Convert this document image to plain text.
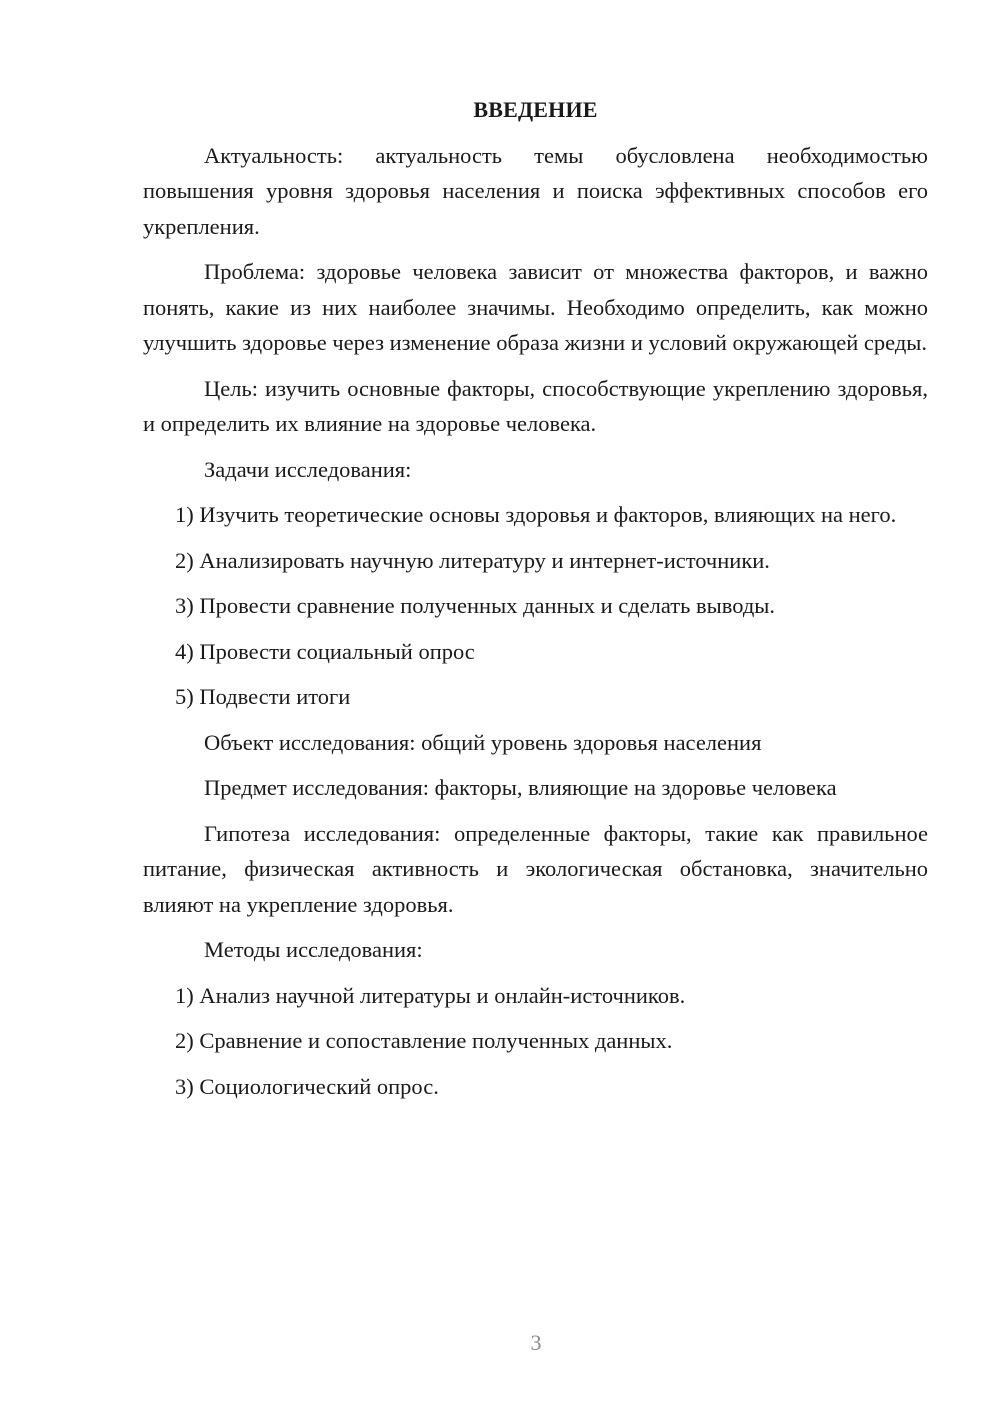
ВВЕДЕНИЕ
Актуальность: актуальность темы обусловлена необходимостью повышения уровня здоровья населения и поиска эффективных способов его укрепления.
Проблема: здоровье человека зависит от множества факторов, и важно понять, какие из них наиболее значимы. Необходимо определить, как можно улучшить здоровье через изменение образа жизни и условий окружающей среды.
Цель: изучить основные факторы, способствующие укреплению здоровья, и определить их влияние на здоровье человека.
Задачи исследования:
1) Изучить теоретические основы здоровья и факторов, влияющих на него.
2) Анализировать научную литературу и интернет-источники.
3) Провести сравнение полученных данных и сделать выводы.
4) Провести социальный опрос
5) Подвести итоги
Объект исследования: общий уровень здоровья населения
Предмет исследования: факторы, влияющие на здоровье человека
Гипотеза исследования: определенные факторы, такие как правильное питание, физическая активность и экологическая обстановка, значительно влияют на укрепление здоровья.
Методы исследования:
1) Анализ научной литературы и онлайн-источников.
2) Сравнение и сопоставление полученных данных.
3) Социологический опрос.
3
